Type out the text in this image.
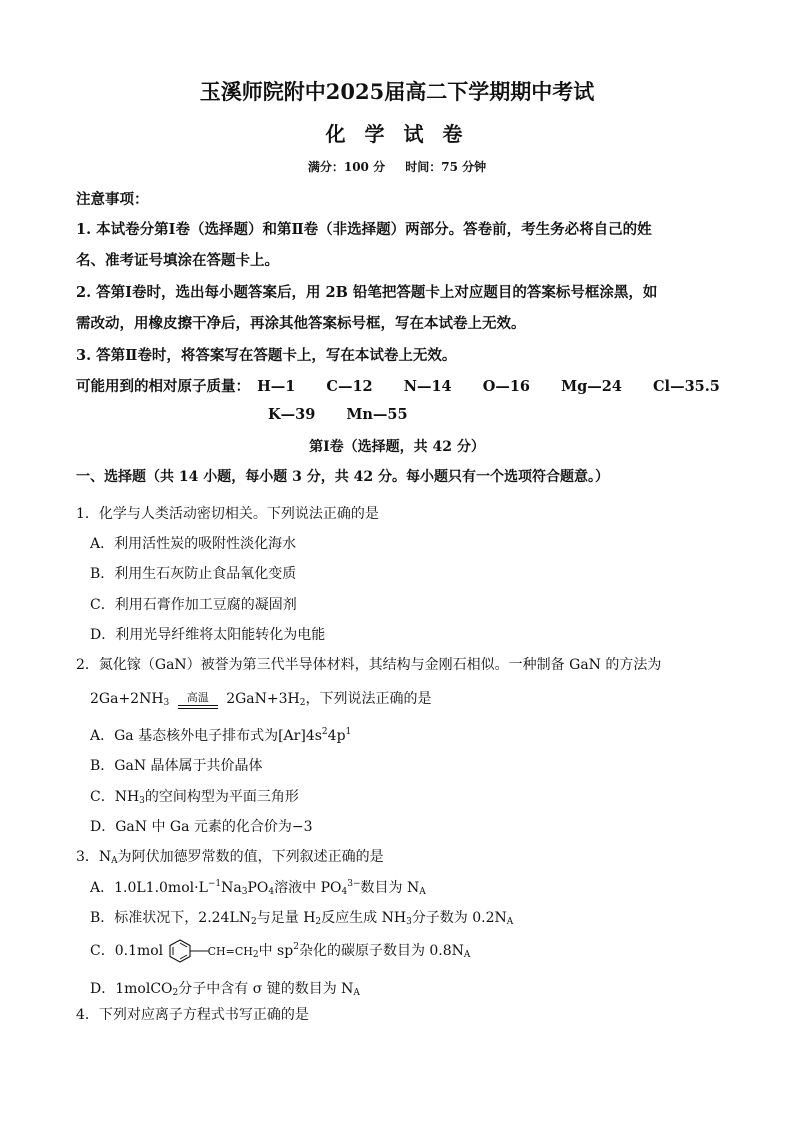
玉溪师院附中2025届高二下学期期中考试
化 学 试 卷
满分：100 分 时间：75 分钟
注意事项：
1. 本试卷分第Ⅰ卷（选择题）和第Ⅱ卷（非选择题）两部分。答卷前，考生务必将自己的姓
名、准考证号填涂在答题卡上。
2. 答第Ⅰ卷时，选出每小题答案后，用 2B 铅笔把答题卡上对应题目的答案标号框涂黑，如
需改动，用橡皮擦干净后，再涂其他答案标号框，写在本试卷上无效。
3. 答第Ⅱ卷时，将答案写在答题卡上，写在本试卷上无效。
可能用到的相对原子质量： H—1 C—12 N—14 O—16 Mg—24 Cl—35.5
K—39 Mn—55
第Ⅰ卷（选择题，共 42 分）
一、选择题（共 14 小题，每小题 3 分，共 42 分。每小题只有一个选项符合题意。）
1．化学与人类活动密切相关。下列说法正确的是
A．利用活性炭的吸附性淡化海水
B．利用生石灰防止食品氧化变质
C．利用石膏作加工豆腐的凝固剂
D．利用光导纤维将太阳能转化为电能
2．氮化镓（GaN）被誉为第三代半导体材料，其结构与金刚石相似。一种制备 GaN 的方法为
$2Ga+2NH_3$	高温	$2GaN+3H_2$，下列说法正确的是
A．Ga 基态核外电子排布式为$[Ar]4s^24p^1$
B．GaN 晶体属于共价晶体
C．$NH_3$的空间构型为平面三角形
D．GaN 中 Ga 元素的化合价为−3
3．$N_A$为阿伏加德罗常数的值，下列叙述正确的是
A．$1.0L1.0mol\cdot L^{-1}Na_3PO_4$溶液中 $PO_4^{3-}$数目为 $N_A$
B．标准状况下，$2.24LN_2$与足量 $H_2$反应生成 $NH_3$分子数为 $0.2N_A$
C．0.1mol	$CH=CH_2$中 $sp^2$杂化的碳原子数目为 $0.8N_A$
D．1molCO$_2$分子中含有 σ 键的数目为 $N_A$
4．下列对应离子方程式书写正确的是
